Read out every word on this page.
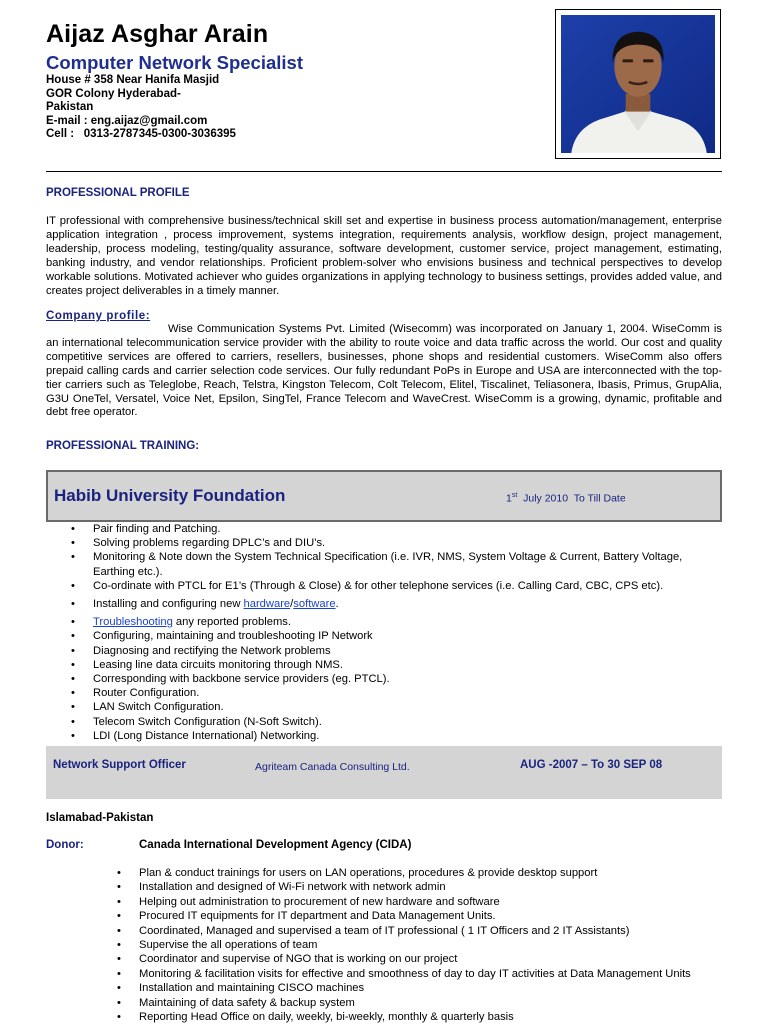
Aijaz Asghar Arain
Computer Network Specialist
House # 358 Near Hanifa Masjid
GOR Colony Hyderabad-
Pakistan
E-mail : eng.aijaz@gmail.com
Cell :   0313-2787345-0300-3036395
PROFESSIONAL PROFILE
IT professional with comprehensive business/technical skill set and expertise in business process automation/management, enterprise application integration , process improvement, systems integration, requirements analysis, workflow design, project management, leadership, process modeling, testing/quality assurance, software development, customer service, project management, estimating, banking industry, and vendor relationships. Proficient problem-solver who envisions business and technical perspectives to develop workable solutions. Motivated achiever who guides organizations in applying technology to business settings, provides added value, and creates project deliverables in a timely manner.
Company profile:
Wise Communication Systems Pvt. Limited (Wisecomm) was incorporated on January 1, 2004. WiseComm is an international telecommunication service provider with the ability to route voice and data traffic across the world. Our cost and quality competitive services are offered to carriers, resellers, businesses, phone shops and residential customers. WiseComm also offers prepaid calling cards and carrier selection code services. Our fully redundant PoPs in Europe and USA are interconnected with the top-tier carriers such as Teleglobe, Reach, Telstra, Kingston Telecom, Colt Telecom, Elitel, Tiscalinet, Teliasonera, Ibasis, Primus, GrupAlia, G3U OneTel, Versatel, Voice Net, Epsilon, SingTel, France Telecom and WaveCrest. WiseComm is a growing, dynamic, profitable and debt free operator.
PROFESSIONAL TRAINING:
Habib University Foundation	1st  July 2010  To Till Date
• Pair finding and Patching.
• Solving problems regarding DPLC’s and DIU’s.
• Monitoring & Note down the System Technical Specification (i.e. IVR, NMS, System Voltage & Current, Battery Voltage, Earthing etc.).
• Co-ordinate with PTCL for E1’s (Through & Close) & for other telephone services (i.e. Calling Card, CBC, CPS etc).
• Installing and configuring new hardware/software.
• Troubleshooting any reported problems.
• Configuring, maintaining and troubleshooting IP Network
• Diagnosing and rectifying the Network problems
• Leasing line data circuits monitoring through NMS.
• Corresponding with backbone service providers (eg. PTCL).
• Router Configuration.
• LAN Switch Configuration.
• Telecom Switch Configuration (N-Soft Switch).
• LDI (Long Distance International) Networking.
Network Support Officer	Agriteam Canada Consulting Ltd.	AUG -2007 – To 30 SEP 08
Islamabad-Pakistan
Donor:	Canada International Development Agency (CIDA)
• Plan & conduct trainings for users on LAN operations, procedures & provide desktop support
• Installation and designed of Wi-Fi network with network admin
• Helping out administration to procurement of new hardware and software
• Procured IT equipments for IT department and Data Management Units.
• Coordinated, Managed and supervised a team of IT professional ( 1 IT Officers and 2 IT Assistants)
• Supervise the all operations of team
• Coordinator and supervise of NGO that is working on our project
• Monitoring & facilitation visits for effective and smoothness of day to day IT activities at Data Management Units
• Installation and maintaining CISCO machines
• Maintaining of data safety & backup system
• Reporting Head Office on daily, weekly, bi-weekly, monthly & quarterly basis
